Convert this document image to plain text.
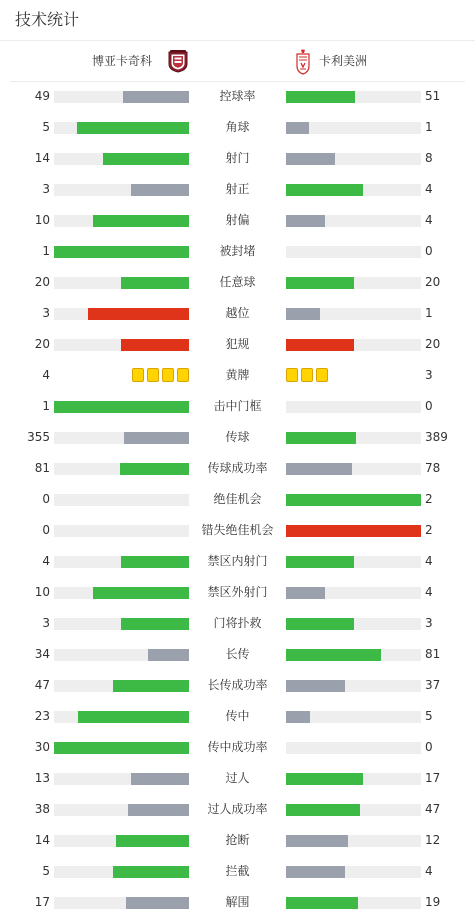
技术统计
博亚卡奇科	卡利美洲
49	控球率	51
5	角球	1
14	射门	8
3	射正	4
10	射偏	4
1	被封堵	0
20	任意球	20
3	越位	1
20	犯规	20
4	黄牌	3
1	击中门框	0
355	传球	389
81	传球成功率	78
0	绝佳机会	2
0	错失绝佳机会	2
4	禁区内射门	4
10	禁区外射门	4
3	门将扑救	3
34	长传	81
47	长传成功率	37
23	传中	5
30	传中成功率	0
13	过人	17
38	过人成功率	47
14	抢断	12
5	拦截	4
17	解围	19
